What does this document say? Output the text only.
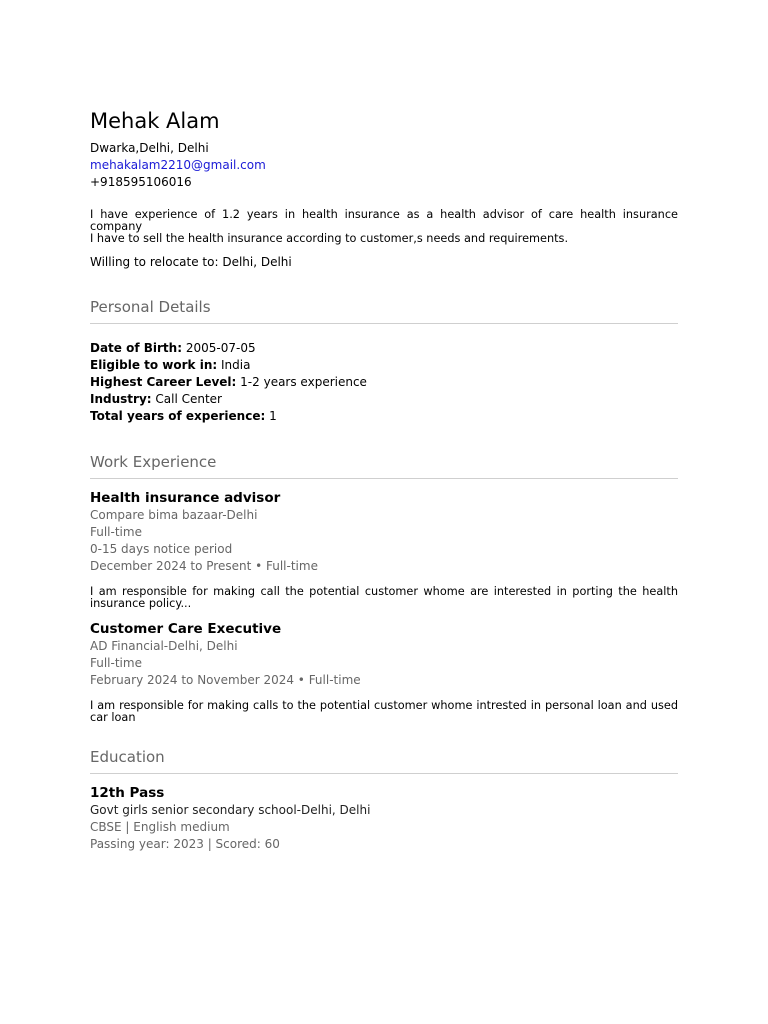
Mehak Alam
Dwarka,Delhi, Delhi
mehakalam2210@gmail.com
+918595106016
I have experience of 1.2 years in health insurance as a health advisor of care health insurance company
I have to sell the health insurance according to customer,s needs and requirements.
Willing to relocate to: Delhi, Delhi
Personal Details
Date of Birth: 2005-07-05
Eligible to work in: India
Highest Career Level: 1-2 years experience
Industry: Call Center
Total years of experience: 1
Work Experience
Health insurance advisor
Compare bima bazaar-Delhi
Full-time
0-15 days notice period
December 2024 to Present • Full-time
I am responsible for making call the potential customer whome are interested in porting the health insurance policy...
Customer Care Executive
AD Financial-Delhi, Delhi
Full-time
February 2024 to November 2024 • Full-time
I am responsible for making calls to the potential customer whome intrested in personal loan and used car loan
Education
12th Pass
Govt girls senior secondary school-Delhi, Delhi
CBSE | English medium
Passing year: 2023 | Scored: 60
